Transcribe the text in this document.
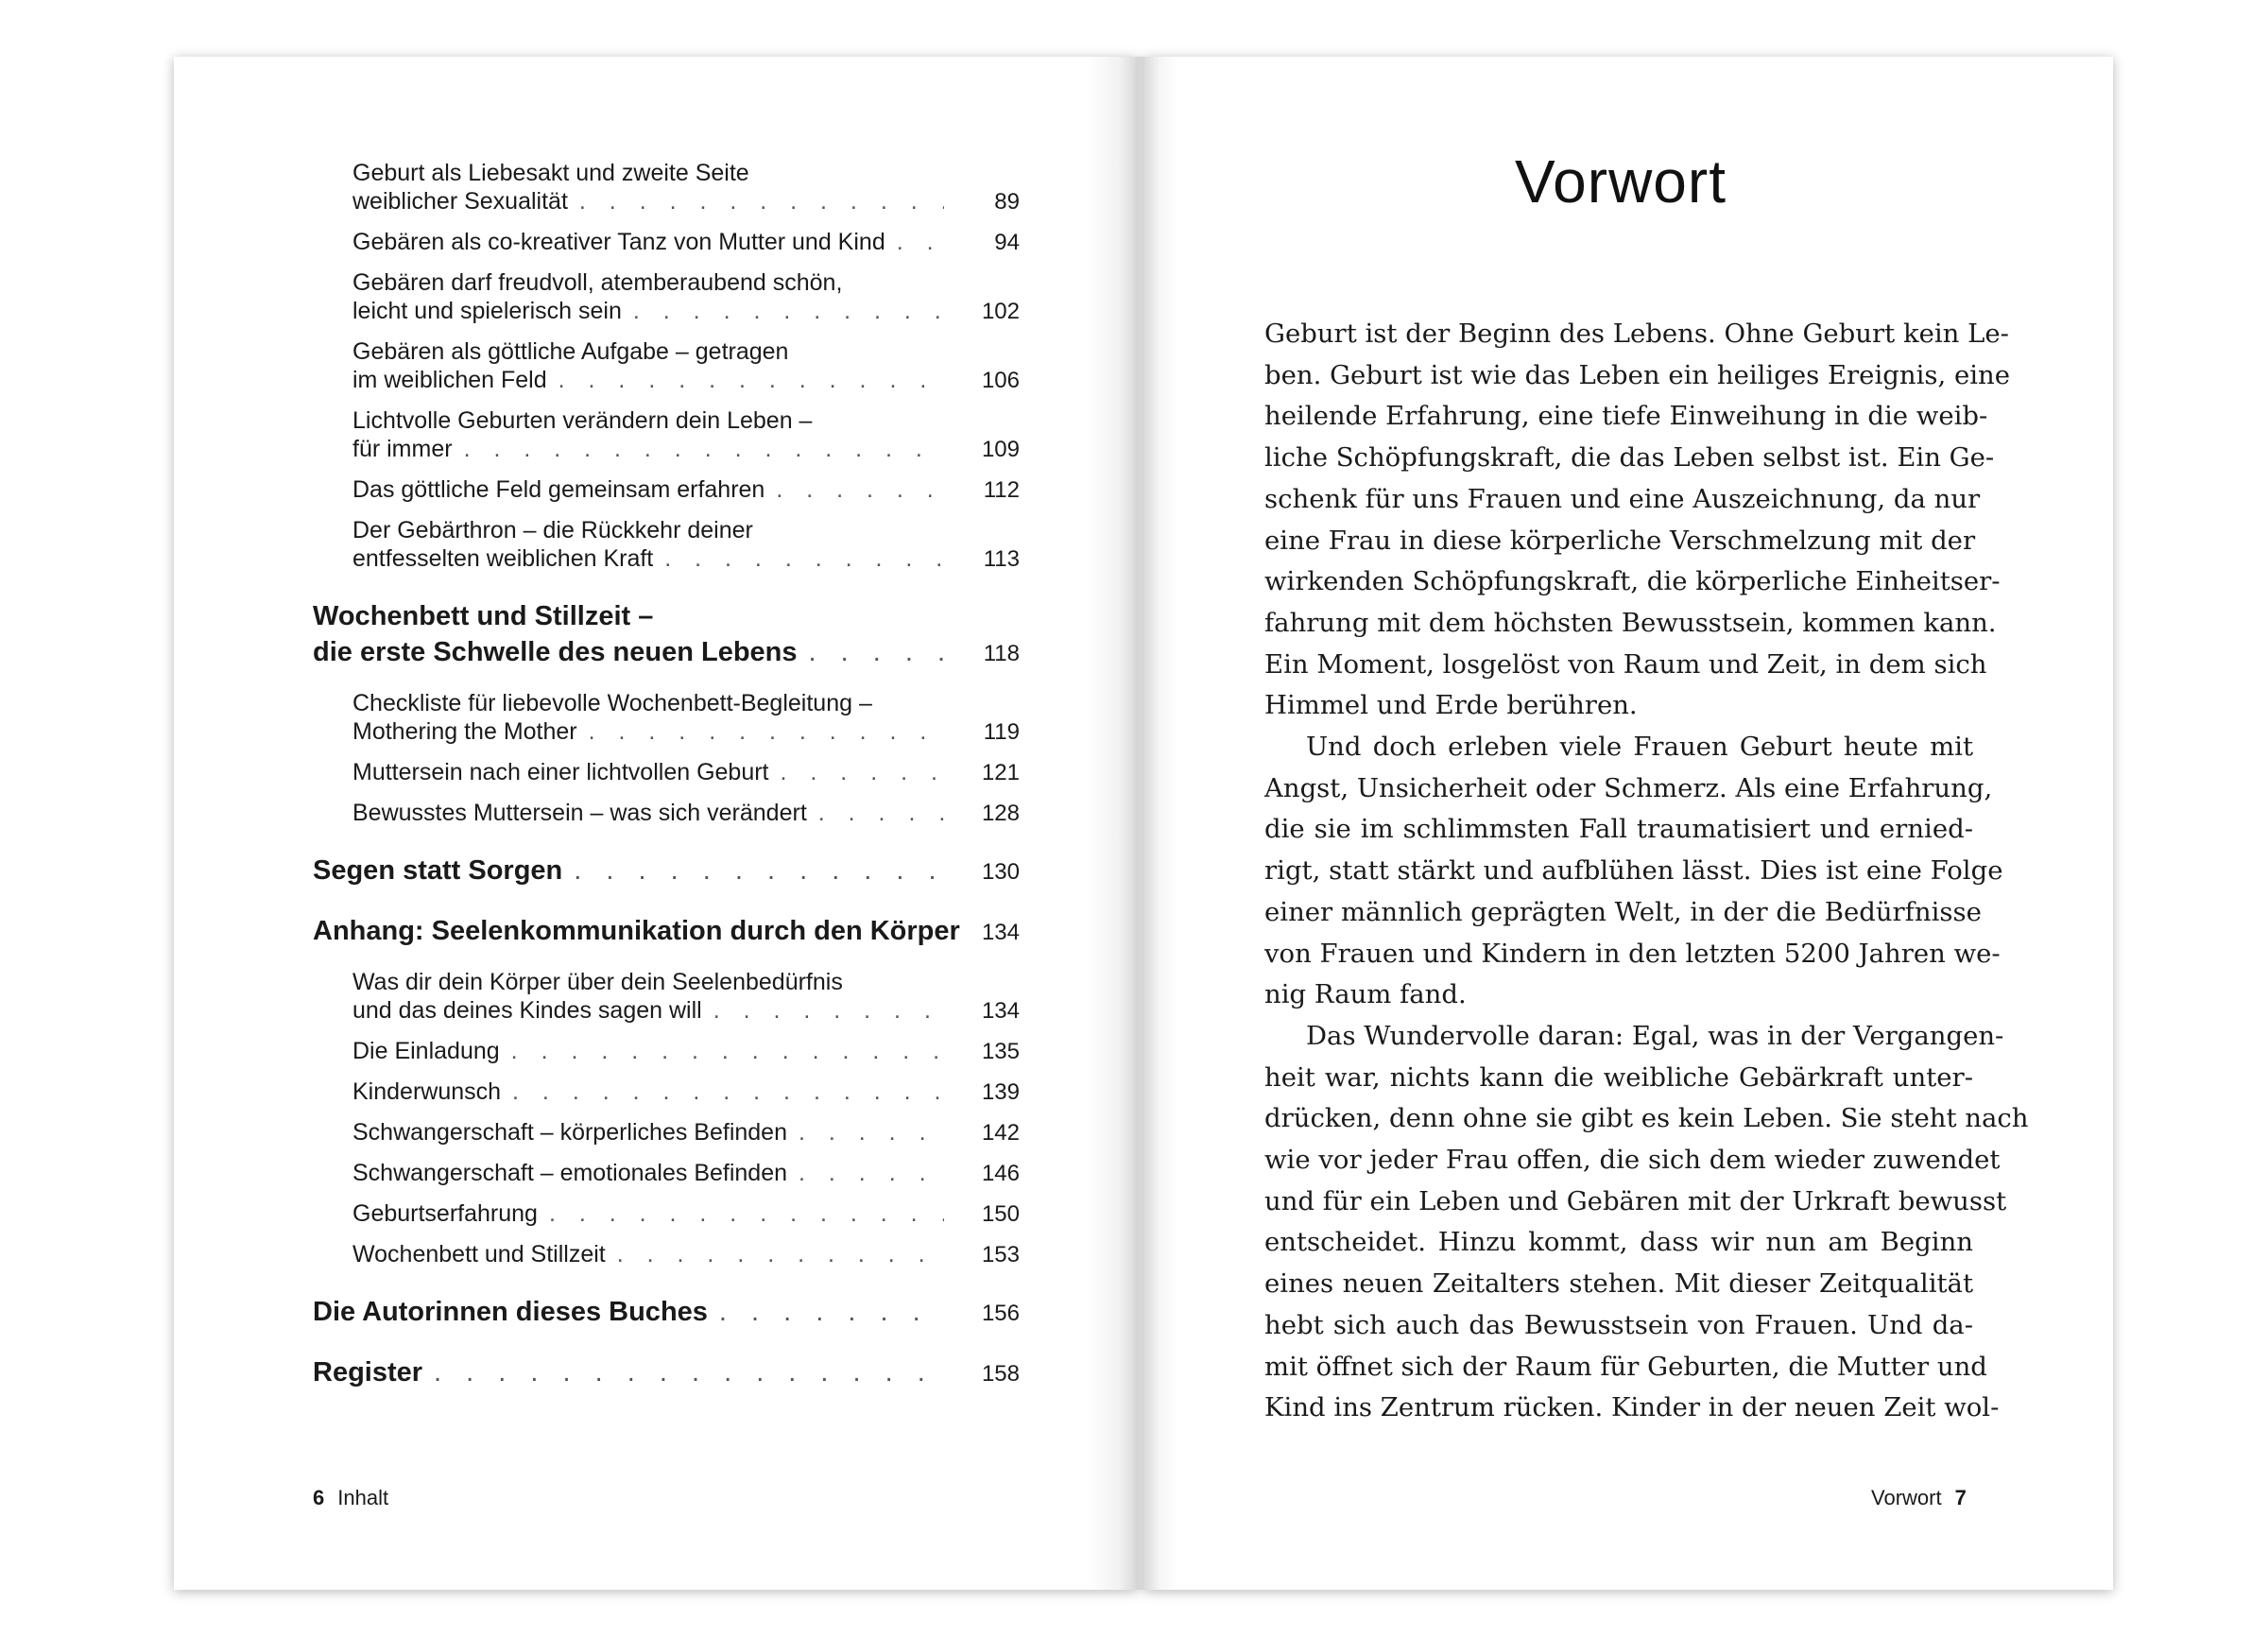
Geburt als Liebesakt und zweite Seite
weiblicher Sexualität . . .	89
Gebären als co-kreativer Tanz von Mutter und Kind . . .	94
Gebären darf freudvoll, atemberaubend schön,
leicht und spielerisch sein . . .	102
Gebären als göttliche Aufgabe – getragen
im weiblichen Feld . . .	106
Lichtvolle Geburten verändern dein Leben –
für immer . . .	109
Das göttliche Feld gemeinsam erfahren . . .	112
Der Gebärthron – die Rückkehr deiner
entfesselten weiblichen Kraft . . .	113
Wochenbett und Stillzeit –
die erste Schwelle des neuen Lebens . . .	118
Checkliste für liebevolle Wochenbett-Begleitung –
Mothering the Mother . . .	119
Muttersein nach einer lichtvollen Geburt . . .	121
Bewusstes Muttersein – was sich verändert . . .	128
Segen statt Sorgen . . .	130
Anhang: Seelenkommunikation durch den Körper 134
Was dir dein Körper über dein Seelenbedürfnis
und das deines Kindes sagen will . . .	134
Die Einladung . . .	135
Kinderwunsch . . .	139
Schwangerschaft – körperliches Befinden . . .	142
Schwangerschaft – emotionales Befinden . . .	146
Geburtserfahrung . . .	150
Wochenbett und Stillzeit . . .	153
Die Autorinnen dieses Buches . . .	156
Register . . .	158
6 Inhalt
Vorwort
Geburt ist der Beginn des Lebens. Ohne Geburt kein Le-
ben. Geburt ist wie das Leben ein heiliges Ereignis, eine
heilende Erfahrung, eine tiefe Einweihung in die weib-
liche Schöpfungskraft, die das Leben selbst ist. Ein Ge-
schenk für uns Frauen und eine Auszeichnung, da nur
eine Frau in diese körperliche Verschmelzung mit der
wirkenden Schöpfungskraft, die körperliche Einheitser-
fahrung mit dem höchsten Bewusstsein, kommen kann.
Ein Moment, losgelöst von Raum und Zeit, in dem sich
Himmel und Erde berühren.
Und doch erleben viele Frauen Geburt heute mit
Angst, Unsicherheit oder Schmerz. Als eine Erfahrung,
die sie im schlimmsten Fall traumatisiert und ernied-
rigt, statt stärkt und aufblühen lässt. Dies ist eine Folge
einer männlich geprägten Welt, in der die Bedürfnisse
von Frauen und Kindern in den letzten 5200 Jahren we-
nig Raum fand.
Das Wundervolle daran: Egal, was in der Vergangen-
heit war, nichts kann die weibliche Gebärkraft unter-
drücken, denn ohne sie gibt es kein Leben. Sie steht nach
wie vor jeder Frau offen, die sich dem wieder zuwendet
und für ein Leben und Gebären mit der Urkraft bewusst
entscheidet. Hinzu kommt, dass wir nun am Beginn
eines neuen Zeitalters stehen. Mit dieser Zeitqualität
hebt sich auch das Bewusstsein von Frauen. Und da-
mit öffnet sich der Raum für Geburten, die Mutter und
Kind ins Zentrum rücken. Kinder in der neuen Zeit wol-
Vorwort 7
